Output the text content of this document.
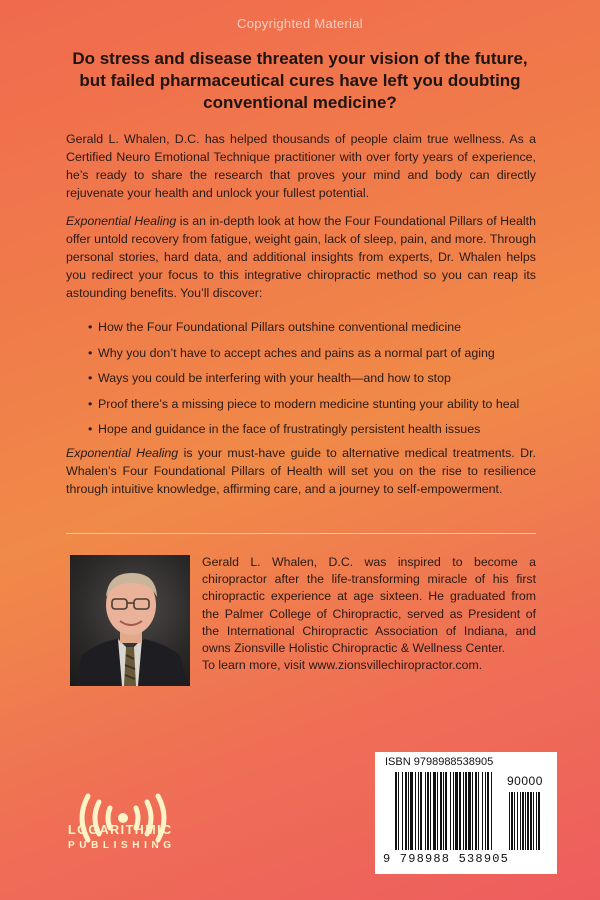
Copyrighted Material
Do stress and disease threaten your vision of the future, but failed pharmaceutical cures have left you doubting conventional medicine?
Gerald L. Whalen, D.C. has helped thousands of people claim true wellness. As a Certified Neuro Emotional Technique practitioner with over forty years of experience, he’s ready to share the research that proves your mind and body can directly rejuvenate your health and unlock your fullest potential.
Exponential Healing is an in-depth look at how the Four Foundational Pillars of Health offer untold recovery from fatigue, weight gain, lack of sleep, pain, and more. Through personal stories, hard data, and additional insights from experts, Dr. Whalen helps you redirect your focus to this integrative chiropractic method so you can reap its astounding benefits. You’ll discover:
• How the Four Foundational Pillars outshine conventional medicine
• Why you don’t have to accept aches and pains as a normal part of aging
• Ways you could be interfering with your health—and how to stop
• Proof there’s a missing piece to modern medicine stunting your ability to heal
• Hope and guidance in the face of frustratingly persistent health issues
Exponential Healing is your must-have guide to alternative medical treatments. Dr. Whalen’s Four Foundational Pillars of Health will set you on the rise to resilience through intuitive knowledge, affirming care, and a journey to self-empowerment.
Gerald L. Whalen, D.C. was inspired to become a chiropractor after the life-transforming miracle of his first chiropractic experience at age sixteen. He graduated from the Palmer College of Chiropractic, served as President of the International Chiropractic Association of Indiana, and owns Zionsville Holistic Chiropractic & Wellness Center.
To learn more, visit www.zionsvillechiropractor.com.
LOGARITHMIC
PUBLISHING
ISBN 9798988538905
90000
9 798988 538905
